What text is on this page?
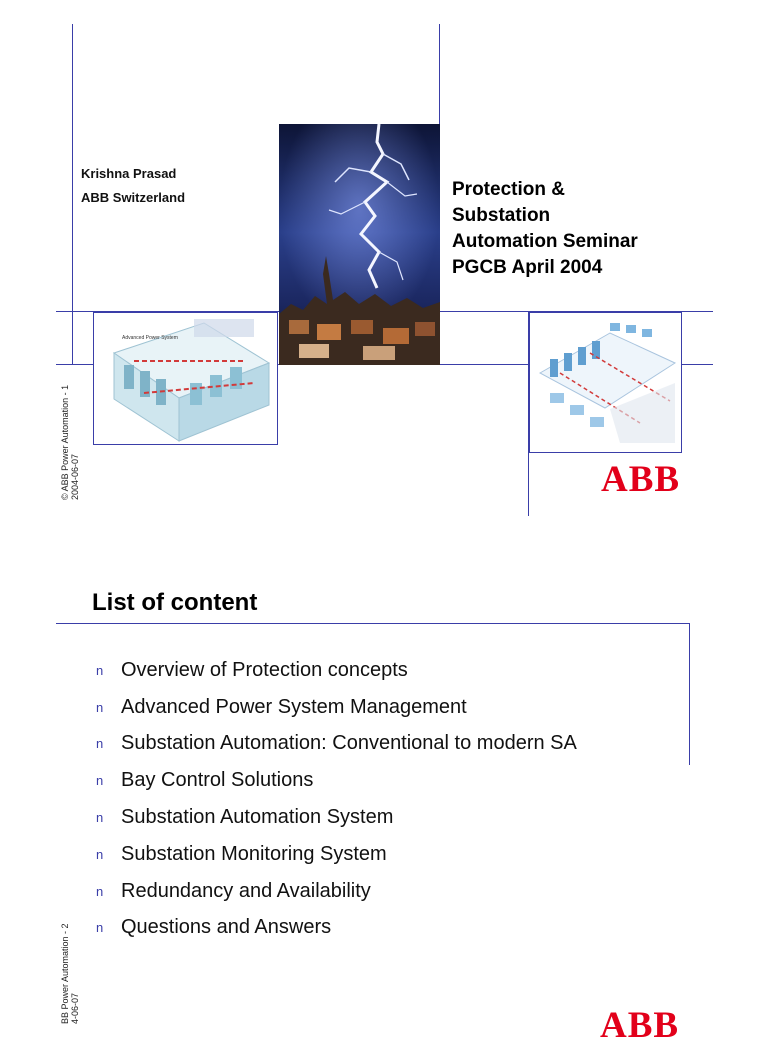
Krishna Prasad
ABB Switzerland	Protection &
Substation
Automation Seminar
PGCB April 2004
Advanced Power System
ABB
© ABB Power Automation - 1 2004-06-07
List of content
n Overview of Protection concepts
n Advanced Power System Management
n Substation Automation: Conventional to modern SA
n Bay Control Solutions
n Substation Automation System
n Substation Monitoring System
n Redundancy and Availability
n Questions and Answers
BB Power Automation - 2 4-06-07	ABB
